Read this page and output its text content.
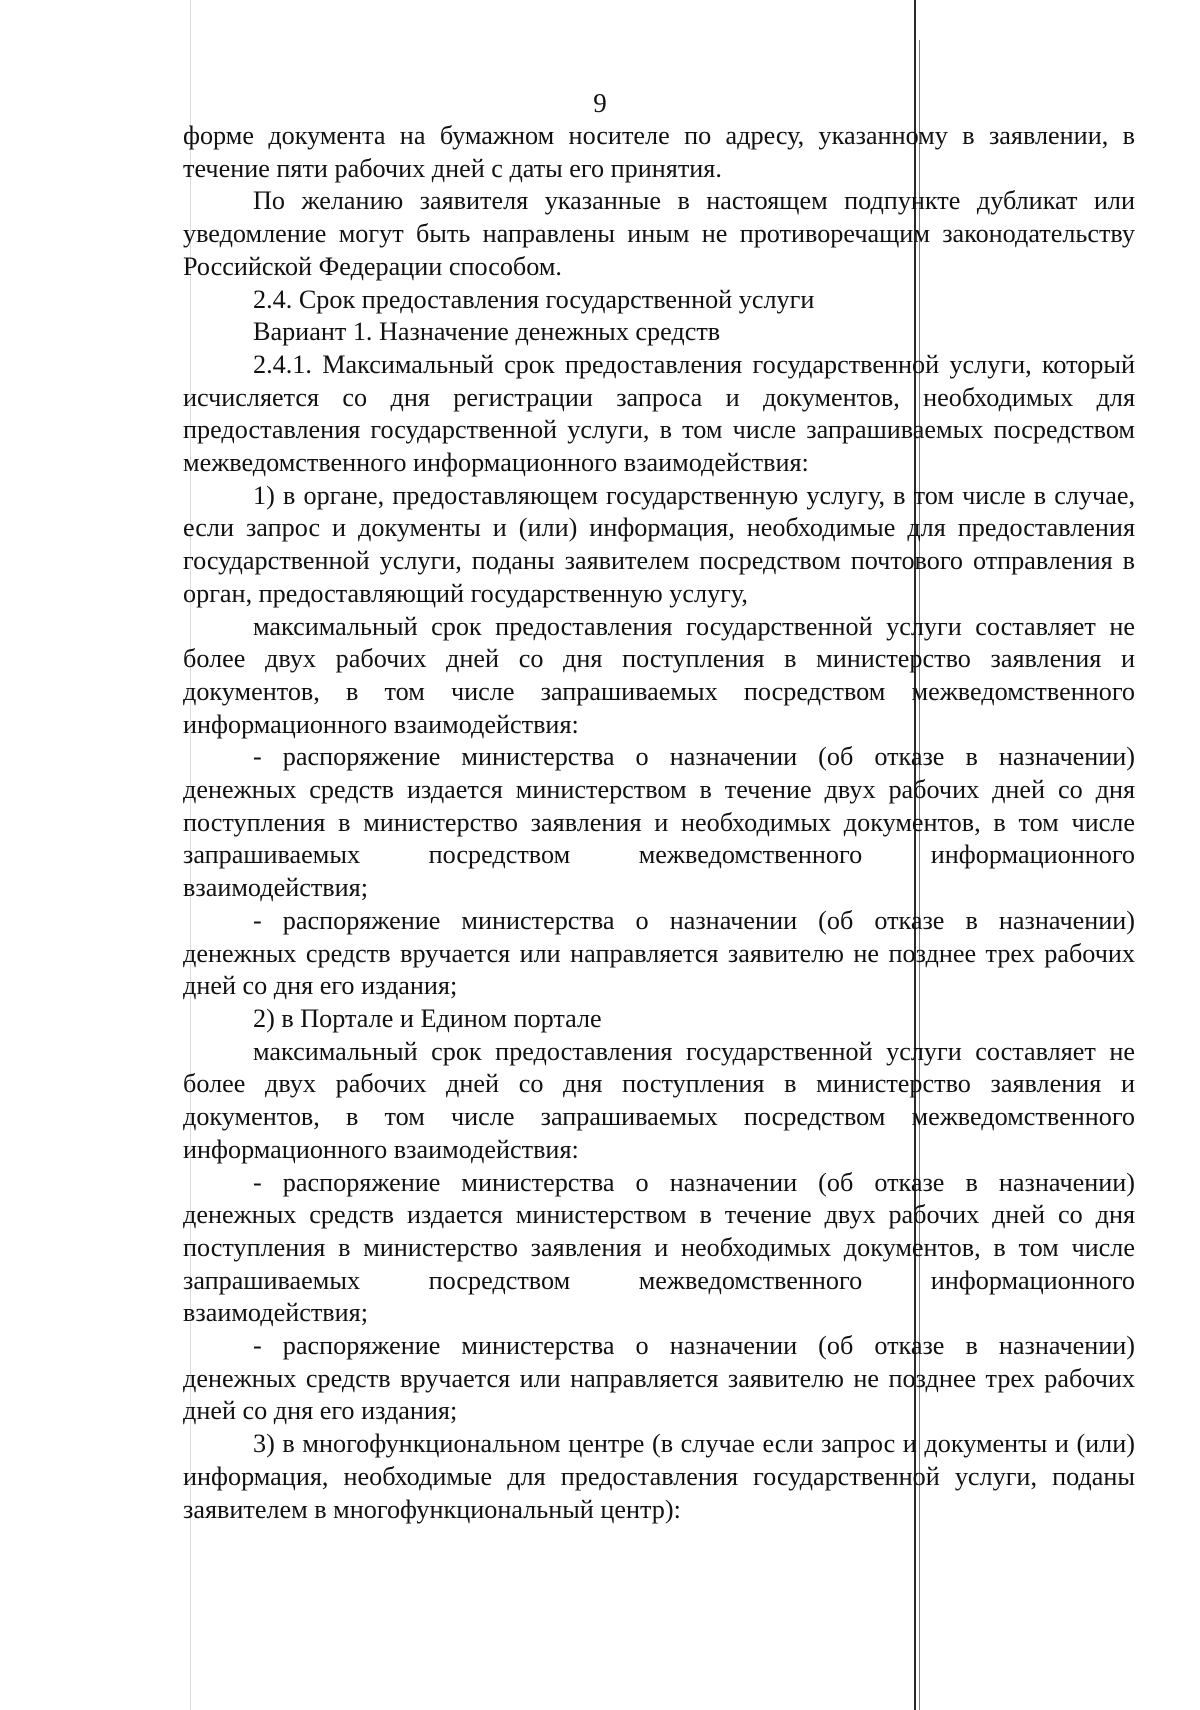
9

форме документа на бумажном носителе по адресу, указанному в заявлении, в течение пяти рабочих дней с даты его принятия.

По желанию заявителя указанные в настоящем подпункте дубликат или уведомление могут быть направлены иным не противоречащим законодательству Российской Федерации способом.

2.4. Срок предоставления государственной услуги

Вариант 1. Назначение денежных средств

2.4.1. Максимальный срок предоставления государственной услуги, который исчисляется со дня регистрации запроса и документов, необходимых для предоставления государственной услуги, в том числе запрашиваемых посредством межведомственного информационного взаимодействия:

1) в органе, предоставляющем государственную услугу, в том числе в случае, если запрос и документы и (или) информация, необходимые для предоставления государственной услуги, поданы заявителем посредством почтового отправления в орган, предоставляющий государственную услугу,

максимальный срок предоставления государственной услуги составляет не более двух рабочих дней со дня поступления в министерство заявления и документов, в том числе запрашиваемых посредством межведомственного информационного взаимодействия:

- распоряжение министерства о назначении (об отказе в назначении) денежных средств издается министерством в течение двух рабочих дней со дня поступления в министерство заявления и необходимых документов, в том числе запрашиваемых посредством межведомственного информационного взаимодействия;

- распоряжение министерства о назначении (об отказе в назначении) денежных средств вручается или направляется заявителю не позднее трех рабочих дней со дня его издания;

2) в Портале и Едином портале

максимальный срок предоставления государственной услуги составляет не более двух рабочих дней со дня поступления в министерство заявления и документов, в том числе запрашиваемых посредством межведомственного информационного взаимодействия:

- распоряжение министерства о назначении (об отказе в назначении) денежных средств издается министерством в течение двух рабочих дней со дня поступления в министерство заявления и необходимых документов, в том числе запрашиваемых посредством межведомственного информационного взаимодействия;

- распоряжение министерства о назначении (об отказе в назначении) денежных средств вручается или направляется заявителю не позднее трех рабочих дней со дня его издания;

3) в многофункциональном центре (в случае если запрос и документы и (или) информация, необходимые для предоставления государственной услуги, поданы заявителем в многофункциональный центр):
